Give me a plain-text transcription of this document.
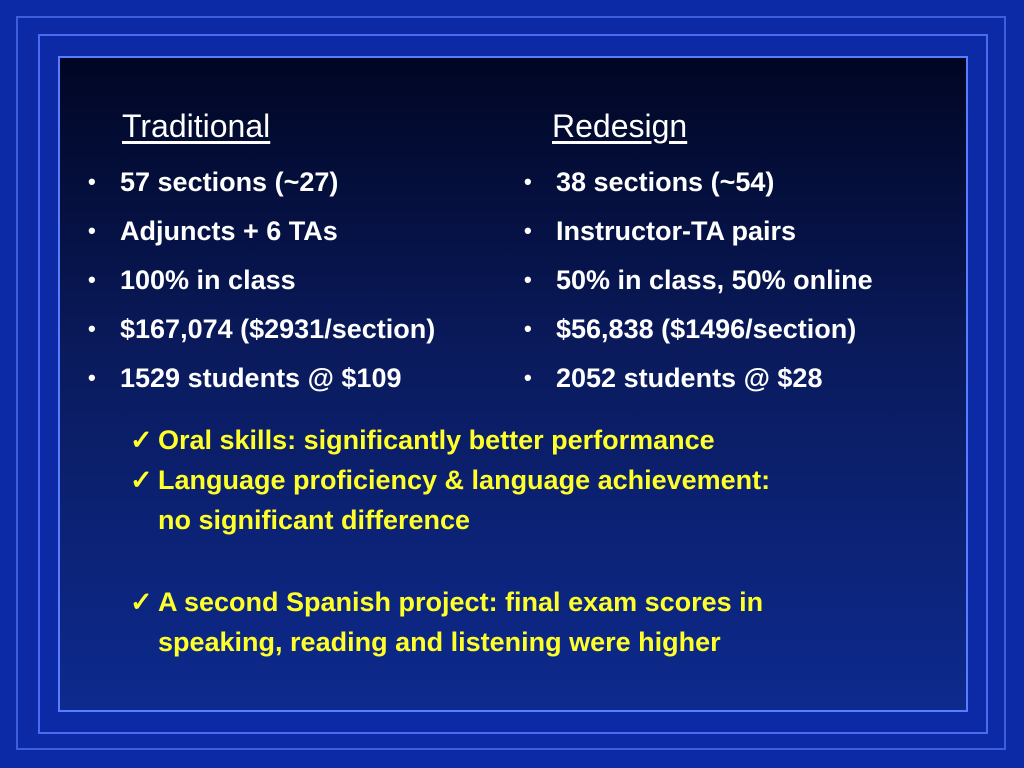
Traditional	Redesign
• 57 sections (~27)
• Adjuncts + 6 TAs
• 100% in class
• $167,074 ($2931/section)
• 1529 students @ $109
• 38 sections (~54)
• Instructor-TA pairs
• 50% in class, 50% online
• $56,838 ($1496/section)
• 2052 students @ $28
✓ Oral skills: significantly better performance
✓ Language proficiency & language achievement:
no significant difference
✓ A second Spanish project: final exam scores in
speaking, reading and listening were higher
